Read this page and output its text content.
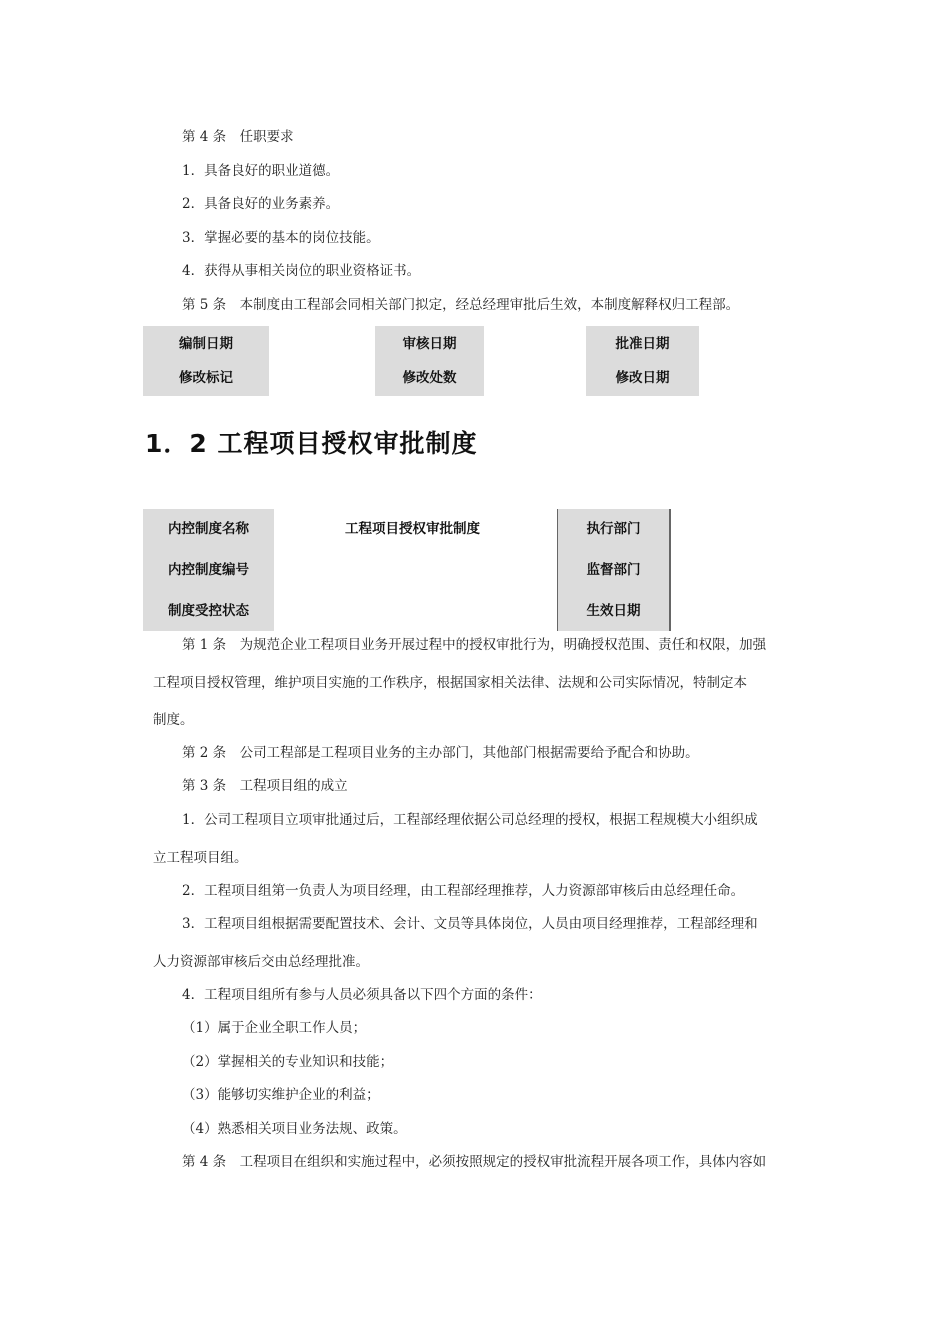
第 4 条　任职要求
1．具备良好的职业道德。
2．具备良好的业务素养。
3．掌握必要的基本的岗位技能。
4．获得从事相关岗位的职业资格证书。
第 5 条　本制度由工程部会同相关部门拟定，经总经理审批后生效，本制度解释权归工程部。
编制日期
修改标记
审核日期
修改处数
批准日期
修改日期
1．2 工程项目授权审批制度
内控制度名称
内控制度编号
制度受控状态
工程项目授权审批制度	执行部门
监督部门
生效日期
第 1 条　为规范企业工程项目业务开展过程中的授权审批行为，明确授权范围、责任和权限，加强
工程项目授权管理，维护项目实施的工作秩序，根据国家相关法律、法规和公司实际情况，特制定本
制度。
第 2 条　公司工程部是工程项目业务的主办部门，其他部门根据需要给予配合和协助。
第 3 条　工程项目组的成立
1．公司工程项目立项审批通过后，工程部经理依据公司总经理的授权，根据工程规模大小组织成
立工程项目组。
2．工程项目组第一负责人为项目经理，由工程部经理推荐，人力资源部审核后由总经理任命。
3．工程项目组根据需要配置技术、会计、文员等具体岗位，人员由项目经理推荐，工程部经理和
人力资源部审核后交由总经理批准。
4．工程项目组所有参与人员必须具备以下四个方面的条件：
（1）属于企业全职工作人员；
（2）掌握相关的专业知识和技能；
（3）能够切实维护企业的利益；
（4）熟悉相关项目业务法规、政策。
第 4 条　工程项目在组织和实施过程中，必须按照规定的授权审批流程开展各项工作，具体内容如
